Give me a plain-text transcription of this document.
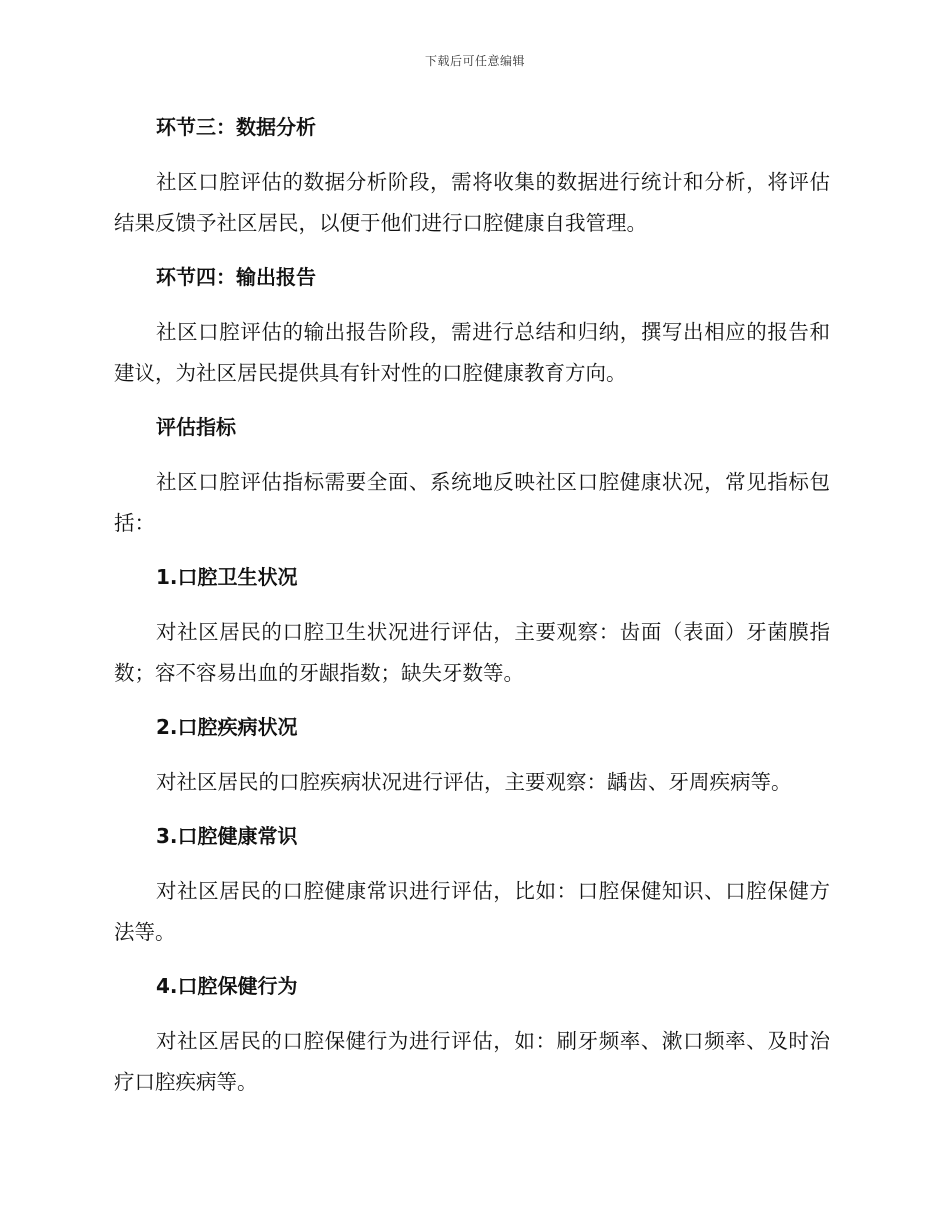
下载后可任意编辑
环节三：数据分析
社区口腔评估的数据分析阶段，需将收集的数据进行统计和分析，将评估结果反馈予社区居民，以便于他们进行口腔健康自我管理。
环节四：输出报告
社区口腔评估的输出报告阶段，需进行总结和归纳，撰写出相应的报告和建议，为社区居民提供具有针对性的口腔健康教育方向。
评估指标
社区口腔评估指标需要全面、系统地反映社区口腔健康状况，常见指标包括：
1.口腔卫生状况
对社区居民的口腔卫生状况进行评估，主要观察：齿面（表面）牙菌膜指数；容不容易出血的牙龈指数；缺失牙数等。
2.口腔疾病状况
对社区居民的口腔疾病状况进行评估，主要观察：龋齿、牙周疾病等。
3.口腔健康常识
对社区居民的口腔健康常识进行评估，比如：口腔保健知识、口腔保健方法等。
4.口腔保健行为
对社区居民的口腔保健行为进行评估，如：刷牙频率、漱口频率、及时治疗口腔疾病等。
